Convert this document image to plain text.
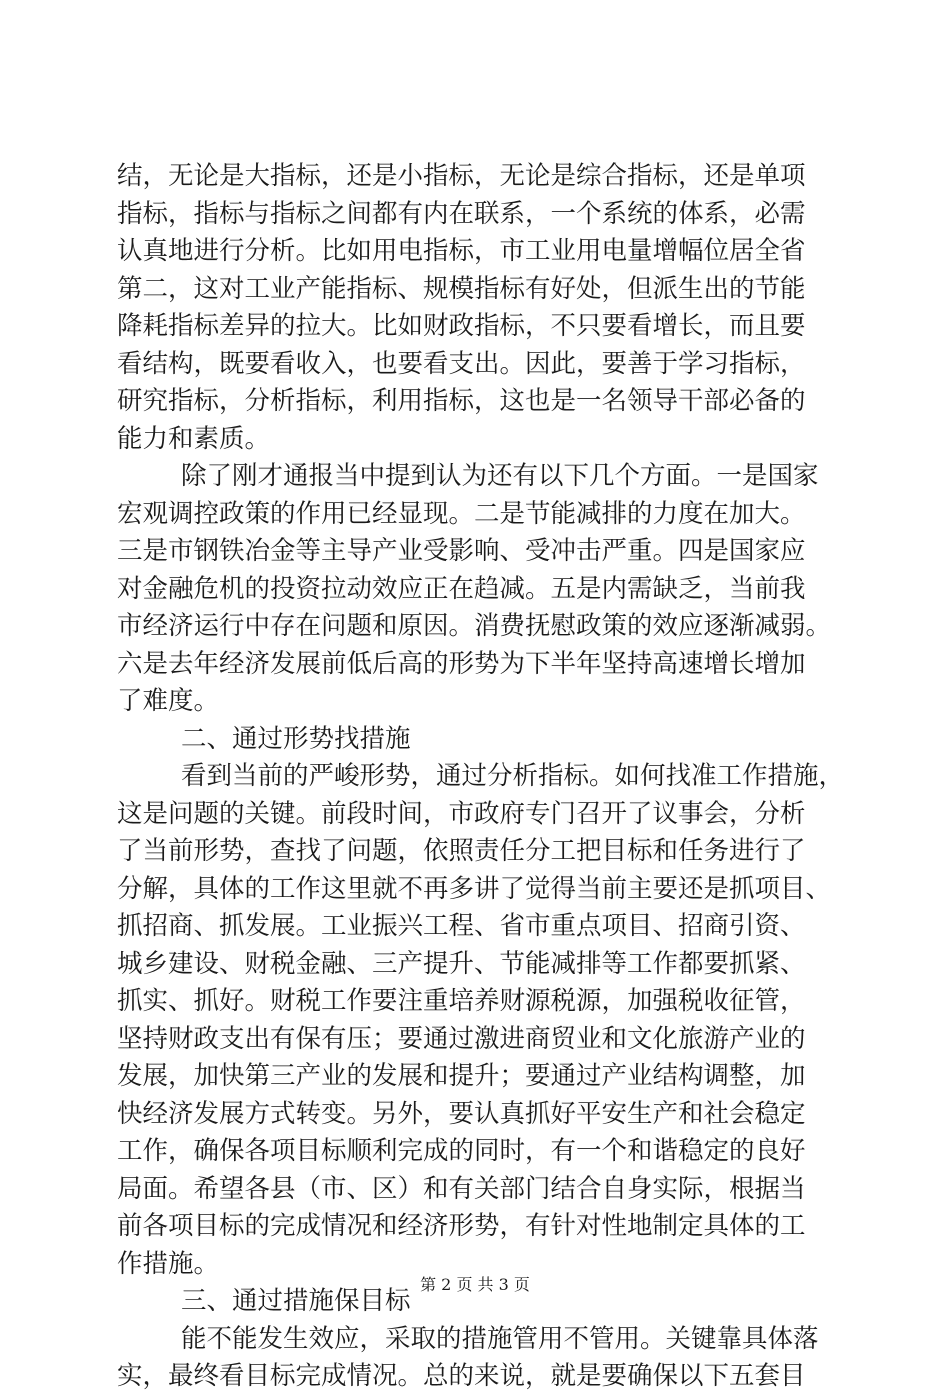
结，无论是大指标，还是小指标，无论是综合指标，还是单项
指标，指标与指标之间都有内在联系，一个系统的体系，必需
认真地进行分析。比如用电指标，市工业用电量增幅位居全省
第二，这对工业产能指标、规模指标有好处，但派生出的节能
降耗指标差异的拉大。比如财政指标，不只要看增长，而且要
看结构，既要看收入，也要看支出。因此，要善于学习指标，
研究指标，分析指标，利用指标，这也是一名领导干部必备的
能力和素质。
除了刚才通报当中提到认为还有以下几个方面。一是国家
宏观调控政策的作用已经显现。二是节能减排的力度在加大。
三是市钢铁冶金等主导产业受影响、受冲击严重。四是国家应
对金融危机的投资拉动效应正在趋减。五是内需缺乏，当前我
市经济运行中存在问题和原因。消费抚慰政策的效应逐渐减弱。
六是去年经济发展前低后高的形势为下半年坚持高速增长增加
了难度。
二、通过形势找措施
看到当前的严峻形势，通过分析指标。如何找准工作措施，
这是问题的关键。前段时间，市政府专门召开了议事会，分析
了当前形势，查找了问题，依照责任分工把目标和任务进行了
分解，具体的工作这里就不再多讲了觉得当前主要还是抓项目、
抓招商、抓发展。工业振兴工程、省市重点项目、招商引资、
城乡建设、财税金融、三产提升、节能减排等工作都要抓紧、
抓实、抓好。财税工作要注重培养财源税源，加强税收征管，
坚持财政支出有保有压；要通过激进商贸业和文化旅游产业的
发展，加快第三产业的发展和提升；要通过产业结构调整，加
快经济发展方式转变。另外，要认真抓好平安生产和社会稳定
工作，确保各项目标顺利完成的同时，有一个和谐稳定的良好
局面。希望各县（市、区）和有关部门结合自身实际，根据当
前各项目标的完成情况和经济形势，有针对性地制定具体的工
作措施。
三、通过措施保目标
能不能发生效应，采取的措施管用不管用。关键靠具体落
实，最终看目标完成情况。总的来说，就是要确保以下五套目
第 2 页 共 3 页
